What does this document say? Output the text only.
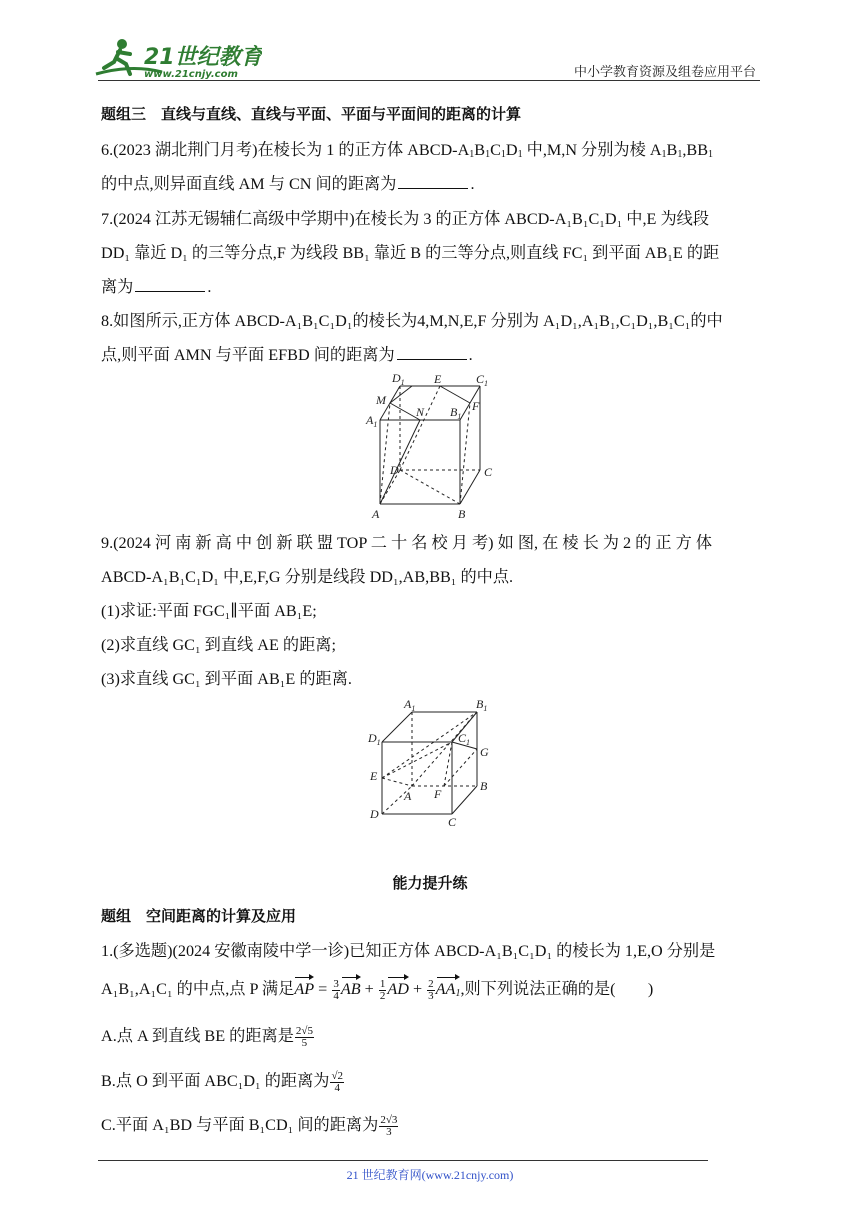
21世纪教育
www.21cnjy.com	中小学教育资源及组卷应用平台
题组三　直线与直线、直线与平面、平面与平面间的距离的计算
6.(2023 湖北荆门月考)在棱长为 1 的正方体 ABCD-$A_1B_1C_1D_1$ 中,M,N 分别为棱 $A_1B_1,BB_1$
的中点,则异面直线 AM 与 CN 间的距离为	.
7.(2024 江苏无锡辅仁高级中学期中)在棱长为 3 的正方体 ABCD-A₁B₁C₁D₁ 中,E 为线段
DD₁ 靠近 D₁ 的三等分点,F 为线段 BB₁ 靠近 B 的三等分点,则直线 FC₁ 到平面 AB₁E 的距
离为	.
8.如图所示,正方体 ABCD-A₁B₁C₁D₁的棱长为4,M,N,E,F 分别为 A₁D₁,A₁B₁,C₁D₁,B₁C₁的中
点,则平面 AMN 与平面 EFBD 间的距离为	.
$D_1$ E	$C_1$
M
N $B_1$
F
$A_1$
D	C
A	B
9.(2024 河 南 新 高 中 创 新 联 盟 TOP 二 十 名 校 月 考) 如 图, 在 棱 长 为 2 的 正 方 体
ABCD-A₁B₁C₁D₁ 中,E,F,G 分别是线段 DD₁,AB,BB₁ 的中点.
(1)求证:平面 FGC₁∥平面 AB₁E;
(2)求直线 GC₁ 到直线 AE 的距离;
(3)求直线 GC₁ 到平面 AB₁E 的距离.
$A_1$	$B_1$
$D_1$	$C_1$
G
E
A F
B
D
C
能力提升练
题组　空间距离的计算及应用
1.(多选题)(2024 安徽南陵中学一诊)已知正方体 ABCD-A₁B₁C₁D₁ 的棱长为 1,E,O 分别是
A₁B₁,A₁C₁ 的中点,点 P 满足AP = $\frac{3}{4}$ AB + $\frac{1}{2}$ AD + $\frac{2}{3} AA_1$,则下列说法正确的是(　　)
A.点 A 到直线 BE 的距离是 $\frac{2√5}{5}$
B.点 O 到平面 ABC₁D₁ 的距离为 $\frac{√2}{4}$
C.平面 A₁BD 与平面 B₁CD₁ 间的距离为 $\frac{2√3}{3}$
21 世纪教育网(www.21cnjy.com)
